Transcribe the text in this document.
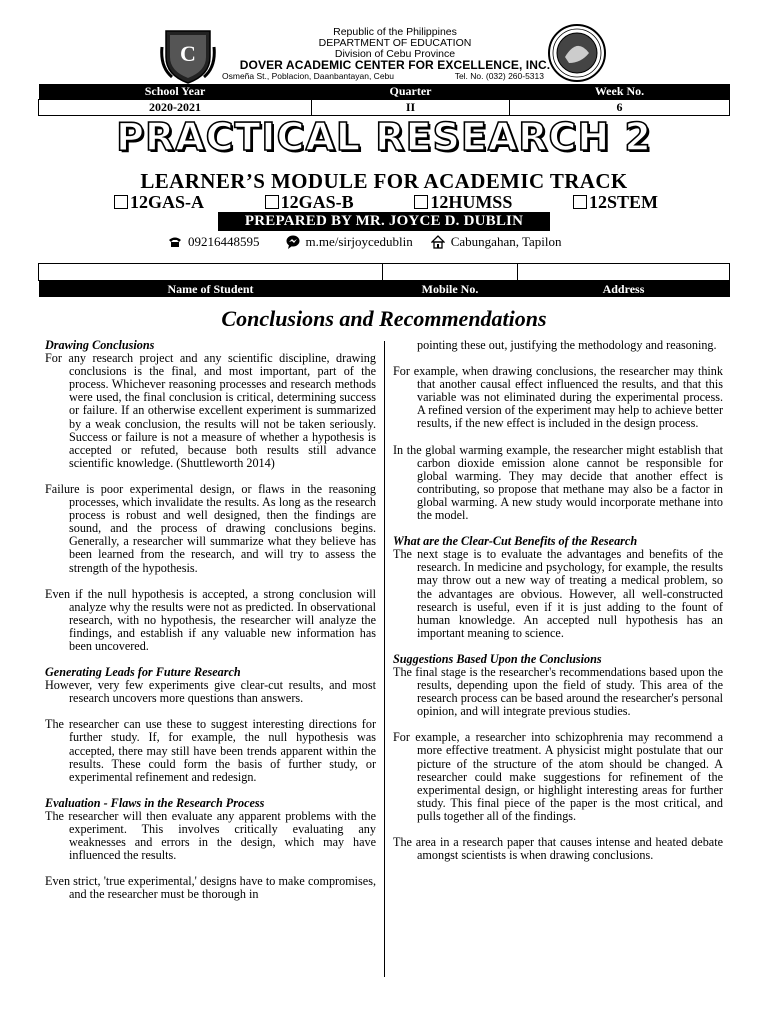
C
Republic of the Philippines
DEPARTMENT OF EDUCATION
Division of Cebu Province
DOVER ACADEMIC CENTER FOR EXCELLENCE, INC.
Osmeña St., Poblacion, Daanbantayan, Cebu	Tel. No. (032) 260-5313
School Year	Quarter	Week No.
2020-2021	II	6
PRACTICAL RESEARCH 2
LEARNER’S MODULE FOR ACADEMIC TRACK
12GAS-A	12GAS-B	12HUMSS	12STEM
PREPARED BY MR. JOYCE D. DUBLIN
09216448595	m.me/sirjoycedublin	Cabungahan, Tapilon

Name of Student	Mobile No.	Address
Conclusions and Recommendations
Drawing Conclusions

For any research project and any scientific discipline, drawing conclusions is the final, and most important, part of the process. Whichever reasoning processes and research methods were used, the final conclusion is critical, determining success or failure. If an otherwise excellent experiment is summarized by a weak conclusion, the results will not be taken seriously. Success or failure is not a measure of whether a hypothesis is accepted or refuted, because both results still advance scientific knowledge. (Shuttleworth 2014)

Failure is poor experimental design, or flaws in the reasoning processes, which invalidate the results. As long as the research process is robust and well designed, then the findings are sound, and the process of drawing conclusions begins. Generally, a researcher will summarize what they believe has been learned from the research, and will try to assess the strength of the hypothesis.

Even if the null hypothesis is accepted, a strong conclusion will analyze why the results were not as predicted. In observational research, with no hypothesis, the researcher will analyze the findings, and establish if any valuable new information has been uncovered.

Generating Leads for Future Research

However, very few experiments give clear-cut results, and most research uncovers more questions than answers.

The researcher can use these to suggest interesting directions for further study. If, for example, the null hypothesis was accepted, there may still have been trends apparent within the results. These could form the basis of further study, or experimental refinement and redesign.

Evaluation - Flaws in the Research Process

The researcher will then evaluate any apparent problems with the experiment. This involves critically evaluating any weaknesses and errors in the design, which may have influenced the results.

Even strict, 'true experimental,' designs have to make compromises, and the researcher must be thorough in

pointing these out, justifying the methodology and reasoning.

For example, when drawing conclusions, the researcher may think that another causal effect influenced the results, and that this variable was not eliminated during the experimental process. A refined version of the experiment may help to achieve better results, if the new effect is included in the design process.

In the global warming example, the researcher might establish that carbon dioxide emission alone cannot be responsible for global warming. They may decide that another effect is contributing, so propose that methane may also be a factor in global warming. A new study would incorporate methane into the model.

What are the Clear-Cut Benefits of the Research

The next stage is to evaluate the advantages and benefits of the research. In medicine and psychology, for example, the results may throw out a new way of treating a medical problem, so the advantages are obvious. However, all well-constructed research is useful, even if it is just adding to the fount of human knowledge. An accepted null hypothesis has an important meaning to science.

Suggestions Based Upon the Conclusions

The final stage is the researcher's recommendations based upon the results, depending upon the field of study. This area of the research process can be based around the researcher's personal opinion, and will integrate previous studies.

For example, a researcher into schizophrenia may recommend a more effective treatment. A physicist might postulate that our picture of the structure of the atom should be changed. A researcher could make suggestions for refinement of the experimental design, or highlight interesting areas for further study. This final piece of the paper is the most critical, and pulls together all of the findings.

The area in a research paper that causes intense and heated debate amongst scientists is when drawing conclusions.
